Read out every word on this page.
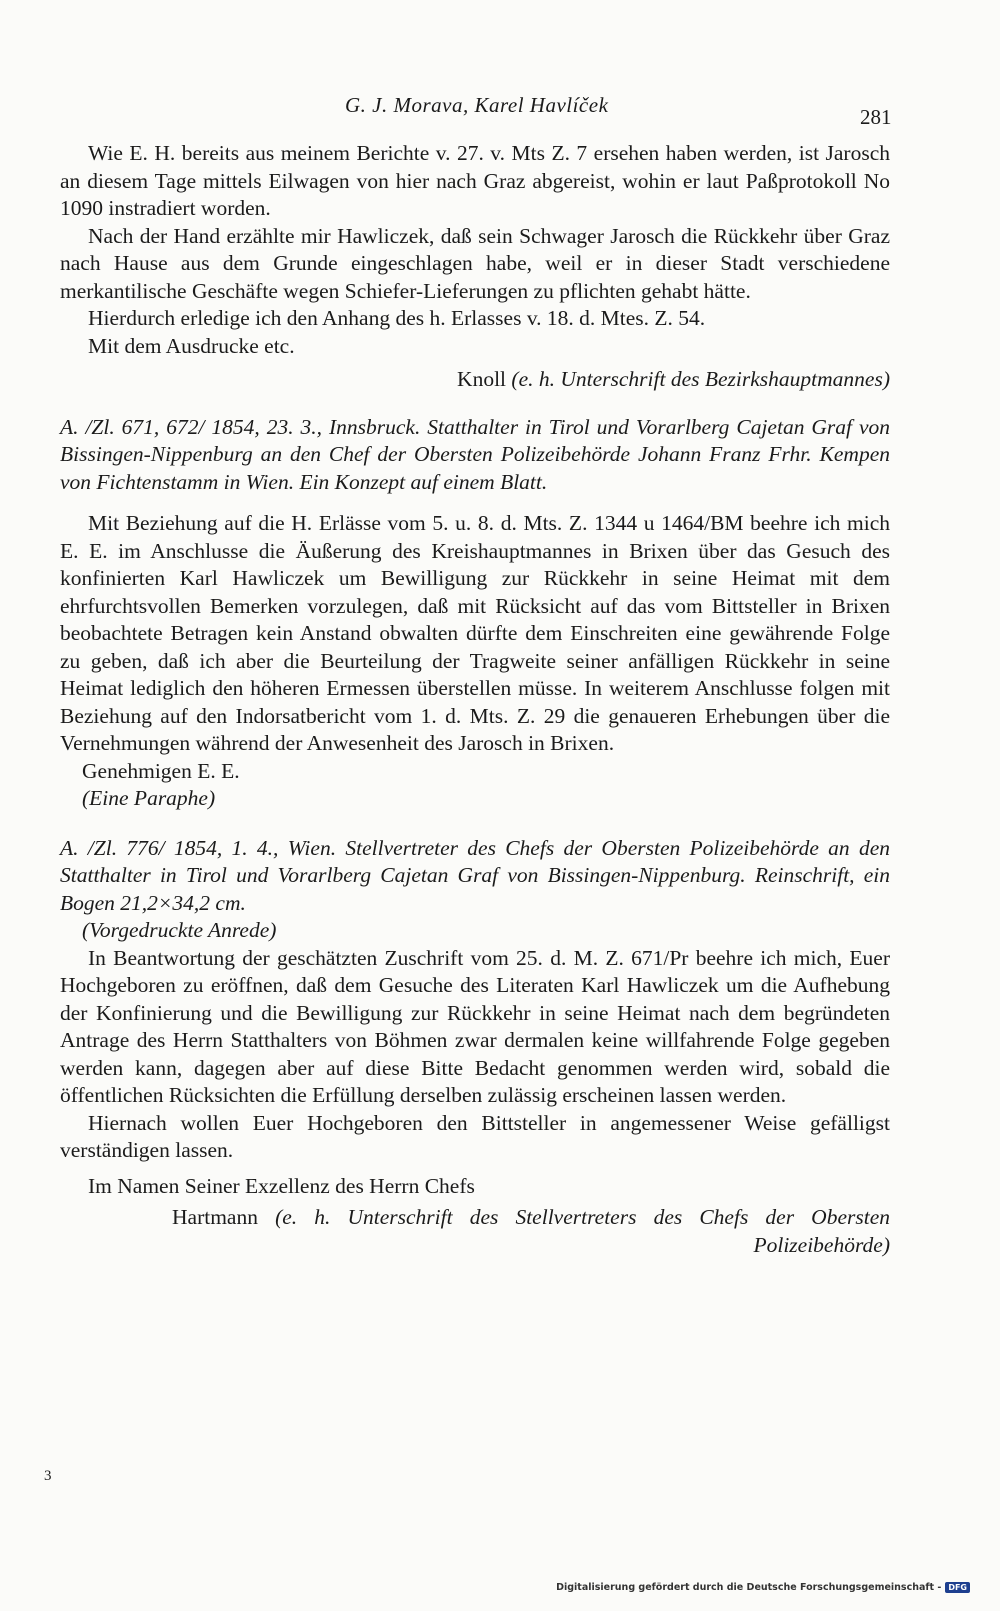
G. J. Morava, Karel Havlíček	281

Wie E. H. bereits aus meinem Berichte v. 27. v. Mts Z. 7 ersehen haben werden, ist Jarosch an diesem Tage mittels Eilwagen von hier nach Graz abgereist, wohin er laut Paßprotokoll No 1090 instradiert worden.

Nach der Hand erzählte mir Hawliczek, daß sein Schwager Jarosch die Rückkehr über Graz nach Hause aus dem Grunde eingeschlagen habe, weil er in dieser Stadt verschiedene merkantilische Geschäfte wegen Schiefer-Lieferungen zu pflichten gehabt hätte.

Hierdurch erledige ich den Anhang des h. Erlasses v. 18. d. Mtes. Z. 54.

Mit dem Ausdrucke etc.

Knoll (e. h. Unterschrift des Bezirkshauptmannes)

A. /Zl. 671, 672/ 1854, 23. 3., Innsbruck. Statthalter in Tirol und Vorarlberg Cajetan Graf von Bissingen-Nippenburg an den Chef der Obersten Polizeibehörde Johann Franz Frhr. Kempen von Fichtenstamm in Wien. Ein Konzept auf einem Blatt.

Mit Beziehung auf die H. Erlässe vom 5. u. 8. d. Mts. Z. 1344 u 1464/BM beehre ich mich E. E. im Anschlusse die Äußerung des Kreishauptmannes in Brixen über das Gesuch des konfinierten Karl Hawliczek um Bewilligung zur Rückkehr in seine Heimat mit dem ehrfurchtsvollen Bemerken vorzulegen, daß mit Rücksicht auf das vom Bittsteller in Brixen beobachtete Betragen kein Anstand obwalten dürfte dem Einschreiten eine gewährende Folge zu geben, daß ich aber die Beurteilung der Tragweite seiner anfälligen Rückkehr in seine Heimat lediglich den höheren Ermessen überstellen müsse. In weiterem Anschlusse folgen mit Beziehung auf den Indorsatbericht vom 1. d. Mts. Z. 29 die genaueren Erhebungen über die Vernehmungen während der Anwesenheit des Jarosch in Brixen.

Genehmigen E. E.

(Eine Paraphe)

A. /Zl. 776/ 1854, 1. 4., Wien. Stellvertreter des Chefs der Obersten Polizeibehörde an den Statthalter in Tirol und Vorarlberg Cajetan Graf von Bissingen-Nippenburg. Reinschrift, ein Bogen 21,2×34,2 cm.

(Vorgedruckte Anrede)

In Beantwortung der geschätzten Zuschrift vom 25. d. M. Z. 671/Pr beehre ich mich, Euer Hochgeboren zu eröffnen, daß dem Gesuche des Literaten Karl Hawliczek um die Aufhebung der Konfinierung und die Bewilligung zur Rückkehr in seine Heimat nach dem begründeten Antrage des Herrn Statthalters von Böhmen zwar dermalen keine willfahrende Folge gegeben werden kann, dagegen aber auf diese Bitte Bedacht genommen werden wird, sobald die öffentlichen Rücksichten die Erfüllung derselben zulässig erscheinen lassen werden.

Hiernach wollen Euer Hochgeboren den Bittsteller in angemessener Weise gefälligst verständigen lassen.

Im Namen Seiner Exzellenz des Herrn Chefs

Hartmann (e. h. Unterschrift des Stellvertreters des Chefs der Obersten Polizeibehörde)

3
Digitalisierung gefördert durch die Deutsche Forschungsgemeinschaft - DFG
